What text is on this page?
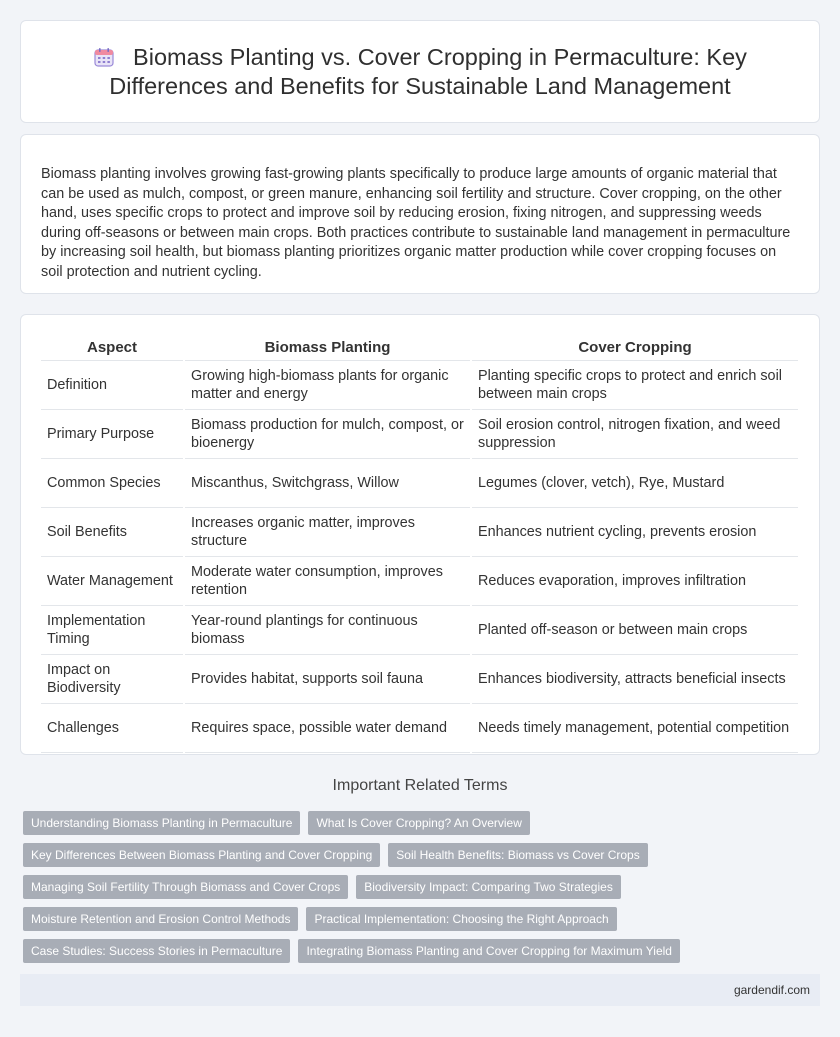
Biomass Planting vs. Cover Cropping in Permaculture: Key Differences and Benefits for Sustainable Land Management

Biomass planting involves growing fast-growing plants specifically to produce large amounts of organic material that can be used as mulch, compost, or green manure, enhancing soil fertility and structure. Cover cropping, on the other hand, uses specific crops to protect and improve soil by reducing erosion, fixing nitrogen, and suppressing weeds during off-seasons or between main crops. Both practices contribute to sustainable land management in permaculture by increasing soil health, but biomass planting prioritizes organic matter production while cover cropping focuses on soil protection and nutrient cycling.

Aspect	Biomass Planting	Cover Cropping
Definition	Growing high-biomass plants for organic matter and energy	Planting specific crops to protect and enrich soil between main crops
Primary Purpose	Biomass production for mulch, compost, or bioenergy	Soil erosion control, nitrogen fixation, and weed suppression
Common Species	Miscanthus, Switchgrass, Willow	Legumes (clover, vetch), Rye, Mustard
Soil Benefits	Increases organic matter, improves structure	Enhances nutrient cycling, prevents erosion
Water Management	Moderate water consumption, improves retention	Reduces evaporation, improves infiltration
Implementation Timing	Year-round plantings for continuous biomass	Planted off-season or between main crops
Impact on Biodiversity	Provides habitat, supports soil fauna	Enhances biodiversity, attracts beneficial insects
Challenges	Requires space, possible water demand	Needs timely management, potential competition
Important Related Terms
Understanding Biomass Planting in Permaculture	What Is Cover Cropping? An Overview
Key Differences Between Biomass Planting and Cover Cropping	Soil Health Benefits: Biomass vs Cover Crops
Managing Soil Fertility Through Biomass and Cover Crops	Biodiversity Impact: Comparing Two Strategies
Moisture Retention and Erosion Control Methods	Practical Implementation: Choosing the Right Approach
Case Studies: Success Stories in Permaculture	Integrating Biomass Planting and Cover Cropping for Maximum Yield
gardendif.com
